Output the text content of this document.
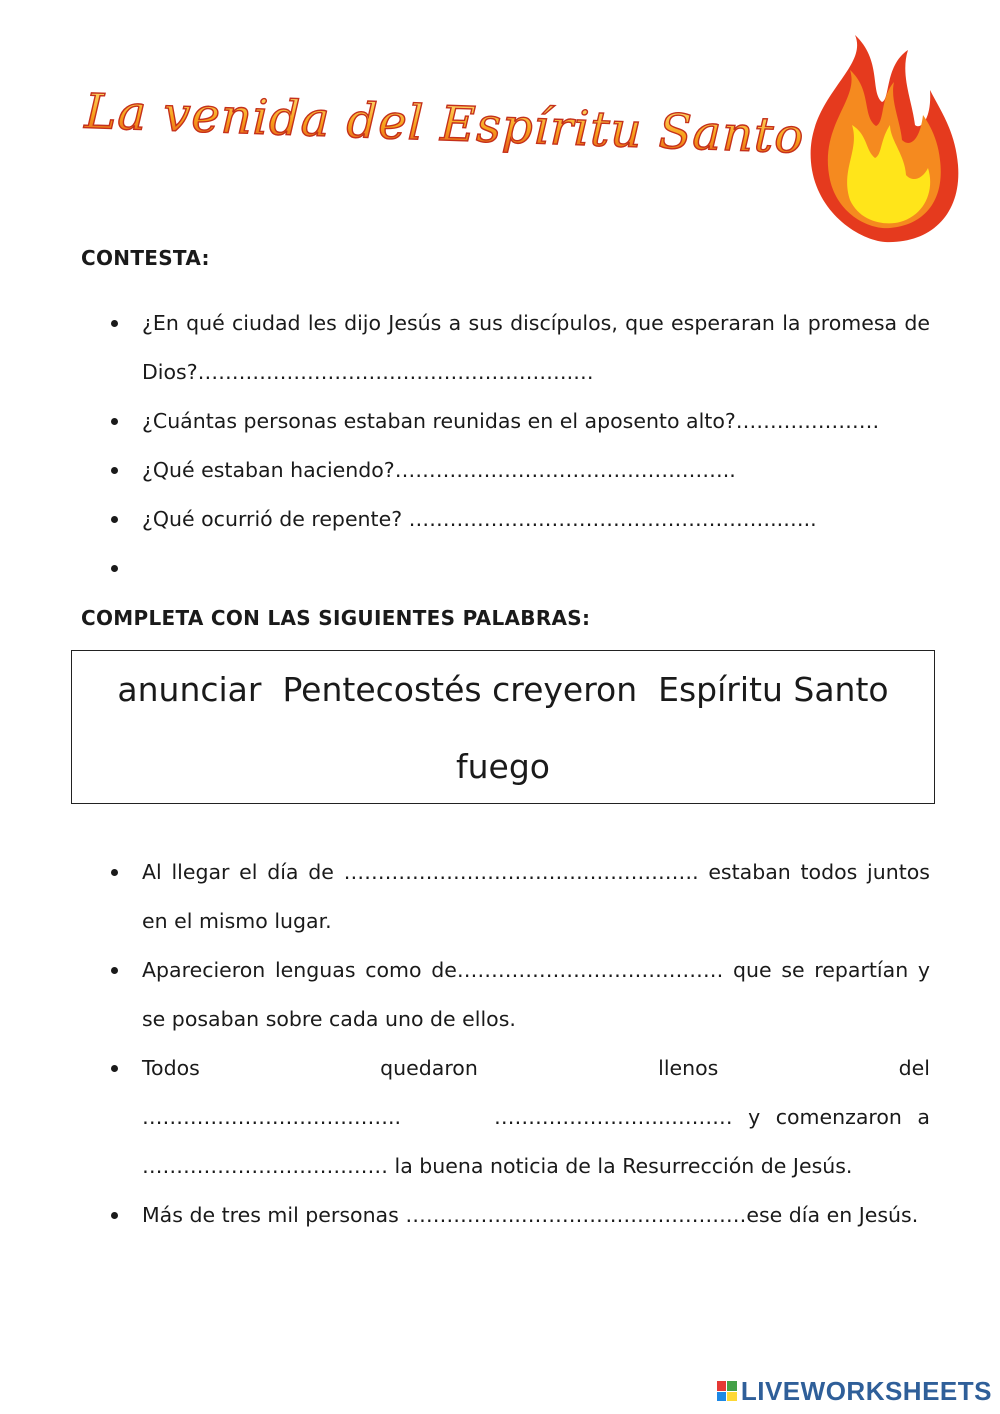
La venida del Espíritu Santo
CONTESTA:
¿En qué ciudad les dijo Jesús a sus discípulos, que esperaran la promesa de Dios?……………………………………………….…
¿Cuántas personas estaban reunidas en el aposento alto?…………………
¿Qué estaban haciendo?…………………………………………..
¿Qué ocurrió de repente? ………………..……………………………..…..

COMPLETA CON LAS SIGUIENTES PALABRAS:
anunciar  Pentecostés creyeron  Espíritu Santo
fuego
Al llegar el día de ……………………………………………. estaban todos juntos en el mismo lugar.
Aparecieron lenguas como de………………………………… que se repartían y se posaban sobre cada uno de ellos.
Todos quedaron llenos del ………………………………..	……………………..……… y comenzaron a ……………………………… la buena noticia de la Resurrección de Jesús.
Más de tres mil personas ……………..……………………………ese día en Jesús.
LIVEWORKSHEETS
